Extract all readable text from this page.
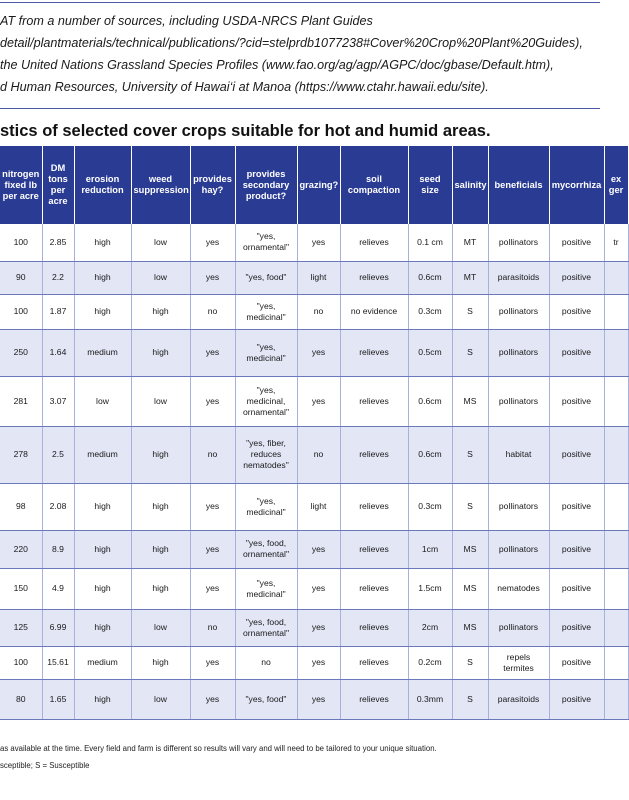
AT from a number of sources, including USDA-NRCS Plant Guides
detail/plantmaterials/technical/publications/?cid=stelprdb1077238#Cover%20Crop%20Plant%20Guides),
the United Nations Grassland Species Profiles (www.fao.org/ag/agp/AGPC/doc/gbase/Default.htm),
d Human Resources, University of Hawai‘i at Manoa (https://www.ctahr.hawaii.edu/site).
stics of selected cover crops suitable for hot and humid areas.
nitrogen fixed lb per acre	DM tons per acre	erosion reduction	weed suppression	provides hay?	provides secondary product?	grazing?	soil compaction	seed size	salinity	beneficials	mycorrhiza	ex ger
100	2.85	high	low	yes	"yes, ornamental"	yes	relieves	0.1 cm	MT	pollinators	positive	tr
90	2.2	high	low	yes	"yes, food"	light	relieves	0.6cm	MT	parasitoids	positive	
100	1.87	high	high	no	"yes, medicinal"	no	no evidence	0.3cm	S	pollinators	positive	
250	1.64	medium	high	yes	"yes, medicinal"	yes	relieves	0.5cm	S	pollinators	positive	
281	3.07	low	low	yes	"yes, medicinal, ornamental"	yes	relieves	0.6cm	MS	pollinators	positive	
278	2.5	medium	high	no	"yes, fiber, reduces nematodes"	no	relieves	0.6cm	S	habitat	positive	
98	2.08	high	high	yes	"yes, medicinal"	light	relieves	0.3cm	S	pollinators	positive	
220	8.9	high	high	yes	"yes, food, ornamental"	yes	relieves	1cm	MS	pollinators	positive	
150	4.9	high	high	yes	"yes, medicinal"	yes	relieves	1.5cm	MS	nematodes	positive	
125	6.99	high	low	no	"yes, food, ornamental"	yes	relieves	2cm	MS	pollinators	positive	
100	15.61	medium	high	yes	no	yes	relieves	0.2cm	S	repels termites	positive	
80	1.65	high	low	yes	"yes, food"	yes	relieves	0.3mm	S	parasitoids	positive	
as available at the time. Every field and farm is different so results will vary and will need to be tailored to your unique situation.
sceptible; S = Susceptible
